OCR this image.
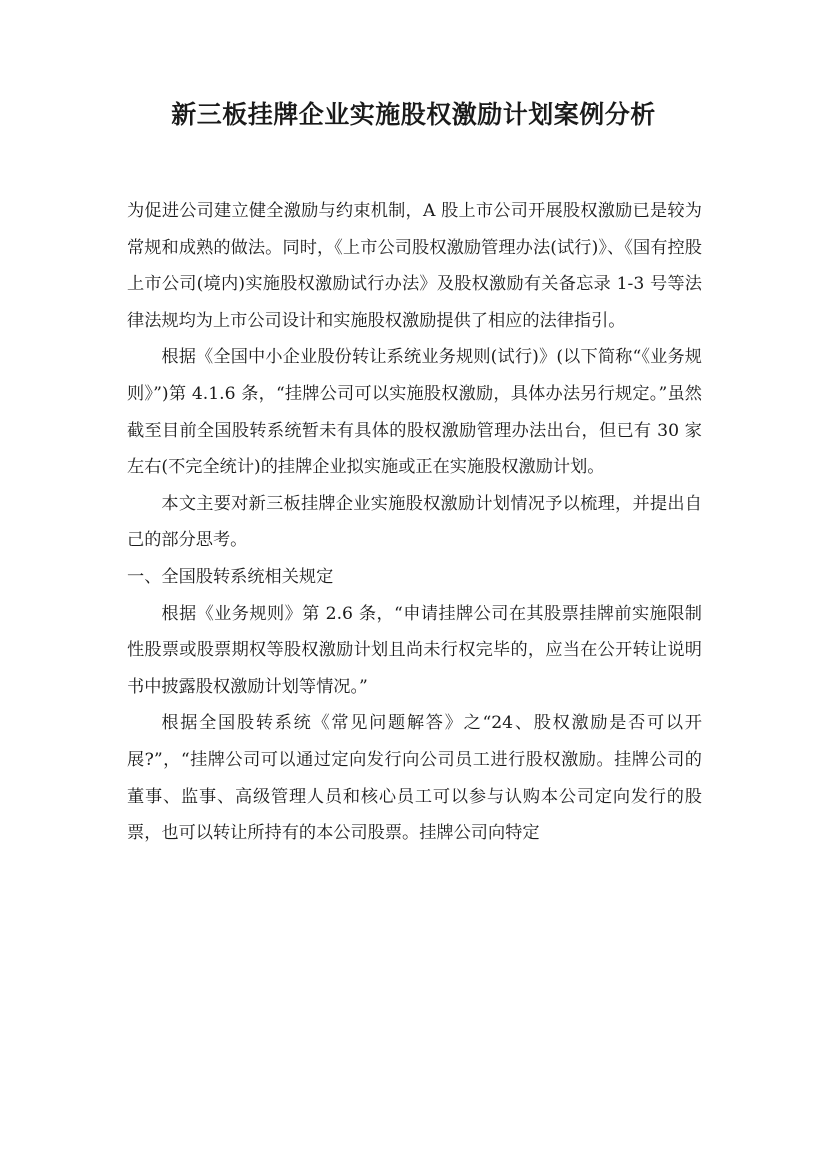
新三板挂牌企业实施股权激励计划案例分析

为促进公司建立健全激励与约束机制，A 股上市公司开展股权激励已是较为常规和成熟的做法。同时，《上市公司股权激励管理办法(试行)》、《国有控股上市公司(境内)实施股权激励试行办法》及股权激励有关备忘录 1-3 号等法律法规均为上市公司设计和实施股权激励提供了相应的法律指引。

根据《全国中小企业股份转让系统业务规则(试行)》(以下简称“《业务规则》”)第 4.1.6 条，“挂牌公司可以实施股权激励，具体办法另行规定。”虽然截至目前全国股转系统暂未有具体的股权激励管理办法出台，但已有 30 家左右(不完全统计)的挂牌企业拟实施或正在实施股权激励计划。

本文主要对新三板挂牌企业实施股权激励计划情况予以梳理，并提出自己的部分思考。

一、全国股转系统相关规定

根据《业务规则》第 2.6 条，“申请挂牌公司在其股票挂牌前实施限制性股票或股票期权等股权激励计划且尚未行权完毕的，应当在公开转让说明书中披露股权激励计划等情况。”

根据全国股转系统《常见问题解答》之“24、股权激励是否可以开展?”，“挂牌公司可以通过定向发行向公司员工进行股权激励。挂牌公司的董事、监事、高级管理人员和核心员工可以参与认购本公司定向发行的股票，也可以转让所持有的本公司股票。挂牌公司向特定
